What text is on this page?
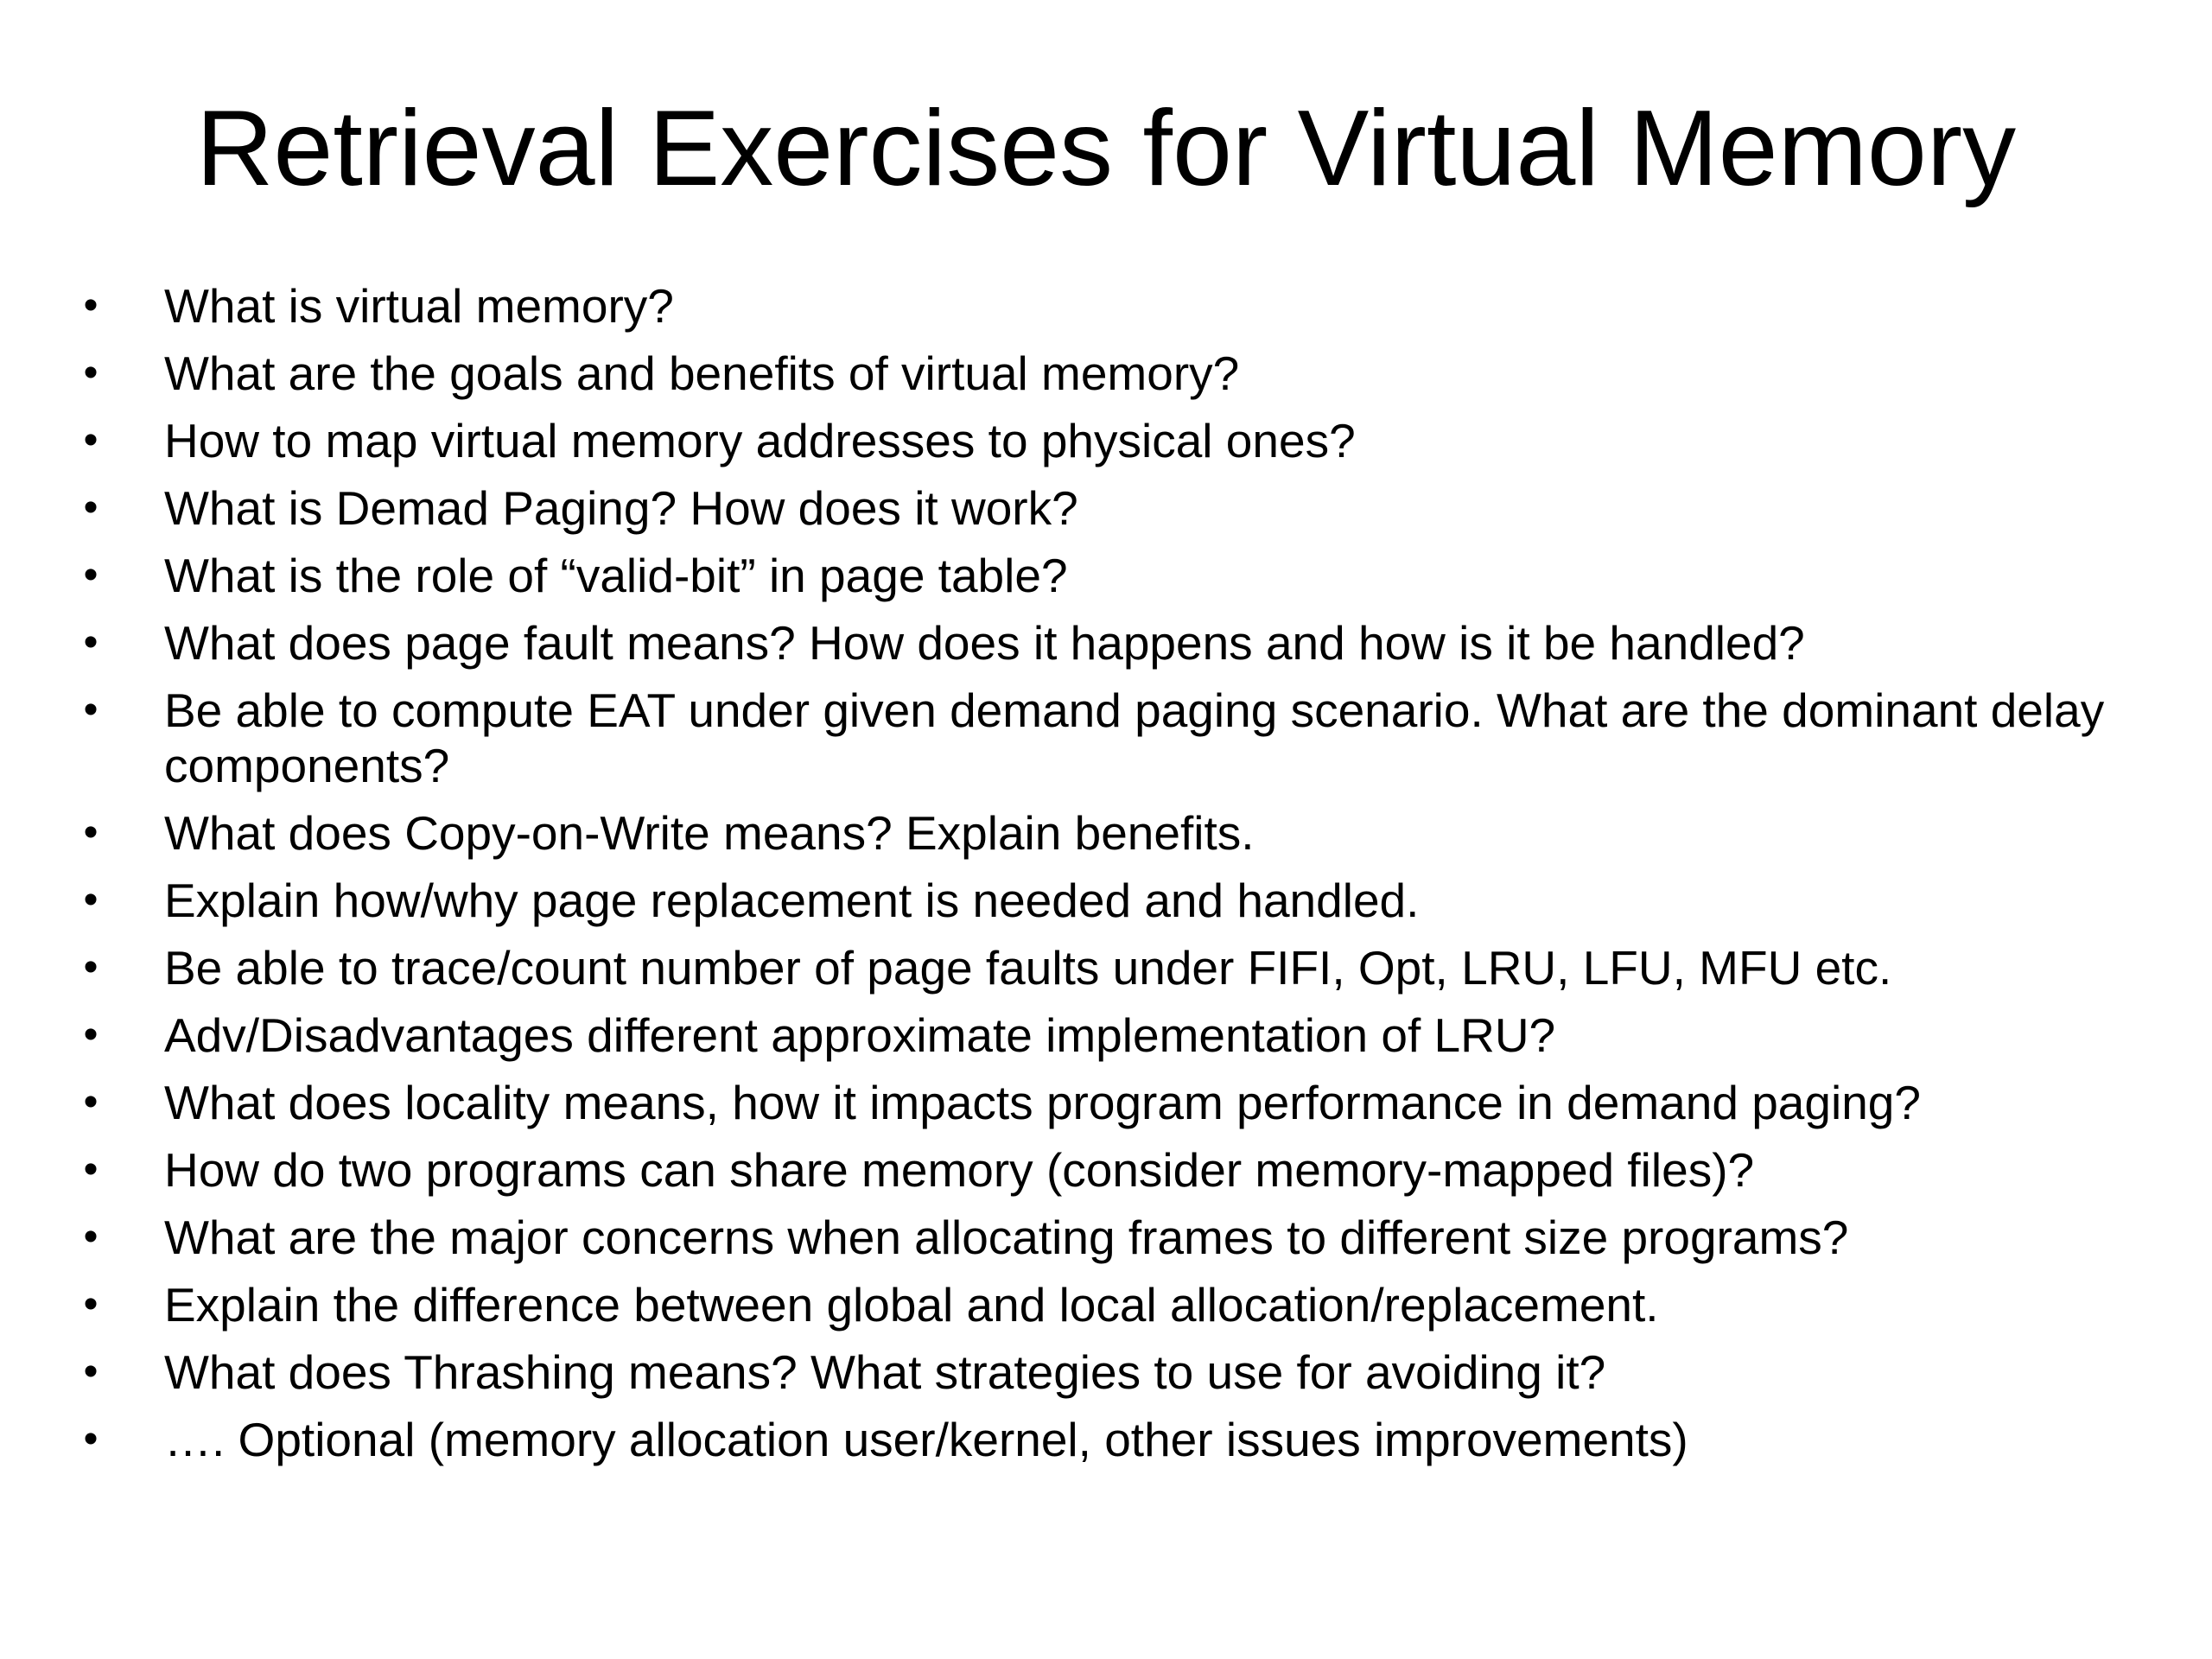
Retrieval Exercises for Virtual Memory
• What is virtual memory?
• What are the goals and benefits of virtual memory?
• How to map virtual memory addresses to physical ones?
• What is Demad Paging? How does it work?
• What is the role of “valid-bit” in page table?
• What does page fault means? How does it happens and how is it be handled?
• Be able to compute EAT under given demand paging scenario. What are the dominant delay components?
• What does Copy-on-Write means? Explain benefits.
• Explain how/why page replacement is needed and handled.
• Be able to trace/count number of page faults under FIFI, Opt, LRU, LFU, MFU etc.
• Adv/Disadvantages different approximate implementation of LRU?
• What does locality means, how it impacts program performance in demand paging?
• How do two programs can share memory (consider memory-mapped files)?
• What are the major concerns when allocating frames to different size programs?
• Explain the difference between global and local allocation/replacement.
• What does Thrashing means? What strategies to use for avoiding it?
• …. Optional (memory allocation user/kernel, other issues improvements)
